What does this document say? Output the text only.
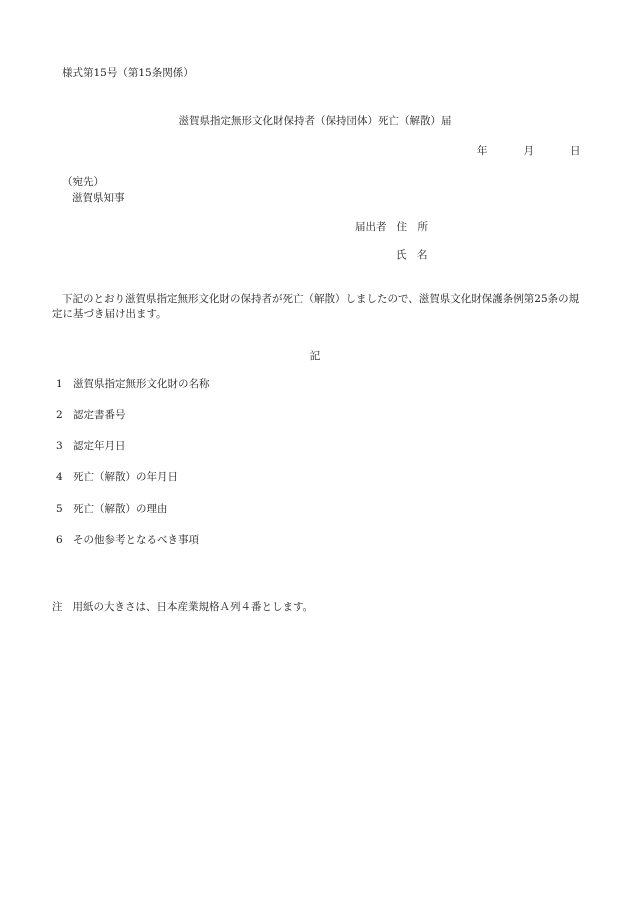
様式第15号（第15条関係）
滋賀県指定無形文化財保持者（保持団体）死亡（解散）届
年	月	日
（宛先）
滋賀県知事
届出者 住　所
氏　名
下記のとおり滋賀県指定無形文化財の保持者が死亡（解散）しましたので、滋賀県文化財保護条例第25条の規定に基づき届け出ます。
記
1 滋賀県指定無形文化財の名称
2 認定書番号
3 認定年月日
4 死亡（解散）の年月日
5 死亡（解散）の理由
6 その他参考となるべき事項
注 用紙の大きさは、日本産業規格Ａ列４番とします。
